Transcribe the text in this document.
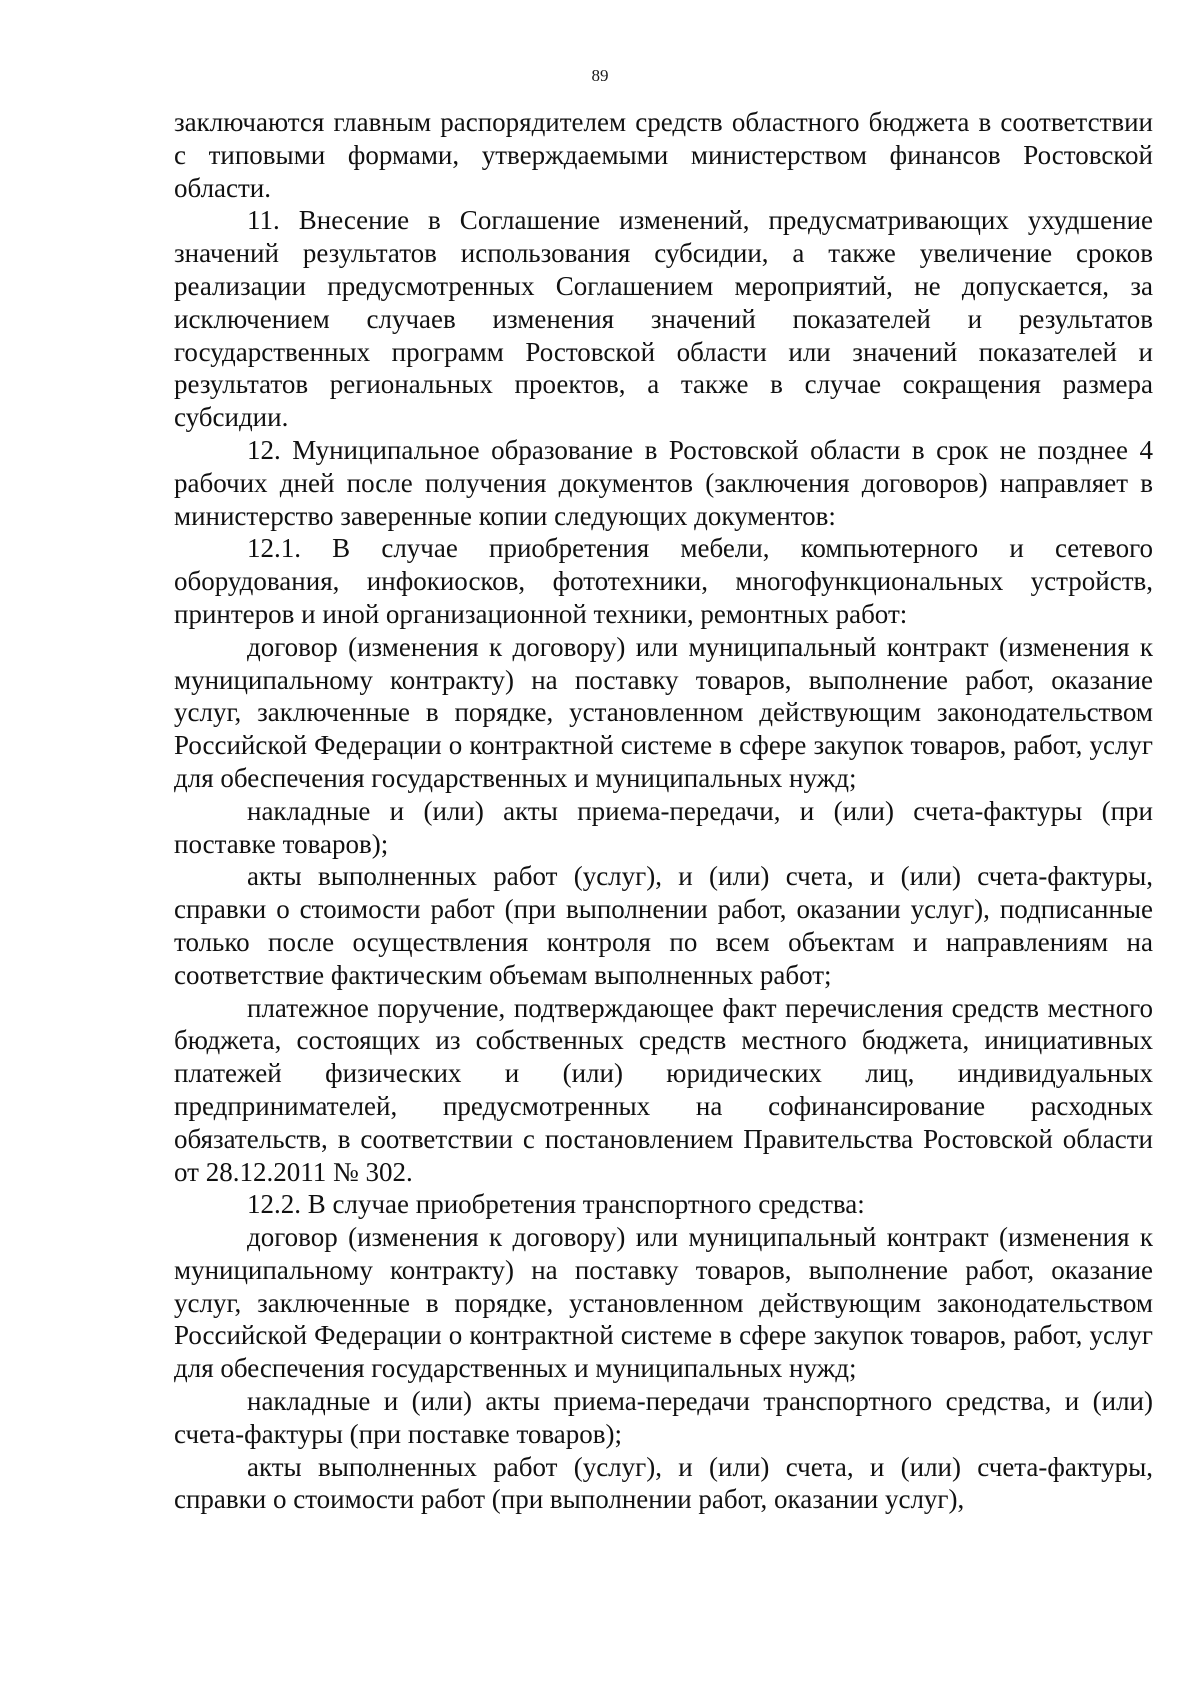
89

заключаются главным распорядителем средств областного бюджета в соответствии с типовыми формами, утверждаемыми министерством финансов Ростовской области.

11. Внесение в Соглашение изменений, предусматривающих ухудшение значений результатов использования субсидии, а также увеличение сроков реализации предусмотренных Соглашением мероприятий, не допускается, за исключением случаев изменения значений показателей и результатов государственных программ Ростовской области или значений показателей и результатов региональных проектов, а также в случае сокращения размера субсидии.

12. Муниципальное образование в Ростовской области в срок не позднее 4 рабочих дней после получения документов (заключения договоров) направляет в министерство заверенные копии следующих документов:

12.1. В случае приобретения мебели, компьютерного и сетевого оборудования, инфокиосков, фототехники, многофункциональных устройств, принтеров и иной организационной техники, ремонтных работ:

договор (изменения к договору) или муниципальный контракт (изменения к муниципальному контракту) на поставку товаров, выполнение работ, оказание услуг, заключенные в порядке, установленном действующим законодательством Российской Федерации о контрактной системе в сфере закупок товаров, работ, услуг для обеспечения государственных и муниципальных нужд;

накладные и (или) акты приема-передачи, и (или) счета-фактуры (при поставке товаров);

акты выполненных работ (услуг), и (или) счета, и (или) счета-фактуры, справки о стоимости работ (при выполнении работ, оказании услуг), подписанные только после осуществления контроля по всем объектам и направлениям на соответствие фактическим объемам выполненных работ;

платежное поручение, подтверждающее факт перечисления средств местного бюджета, состоящих из собственных средств местного бюджета, инициативных платежей физических и (или) юридических лиц, индивидуальных предпринимателей, предусмотренных на софинансирование расходных обязательств, в соответствии с постановлением Правительства Ростовской области от 28.12.2011 № 302.

12.2. В случае приобретения транспортного средства:

договор (изменения к договору) или муниципальный контракт (изменения к муниципальному контракту) на поставку товаров, выполнение работ, оказание услуг, заключенные в порядке, установленном действующим законодательством Российской Федерации о контрактной системе в сфере закупок товаров, работ, услуг для обеспечения государственных и муниципальных нужд;

накладные и (или) акты приема-передачи транспортного средства, и (или) счета-фактуры (при поставке товаров);

акты выполненных работ (услуг), и (или) счета, и (или) счета-фактуры, справки о стоимости работ (при выполнении работ, оказании услуг),
